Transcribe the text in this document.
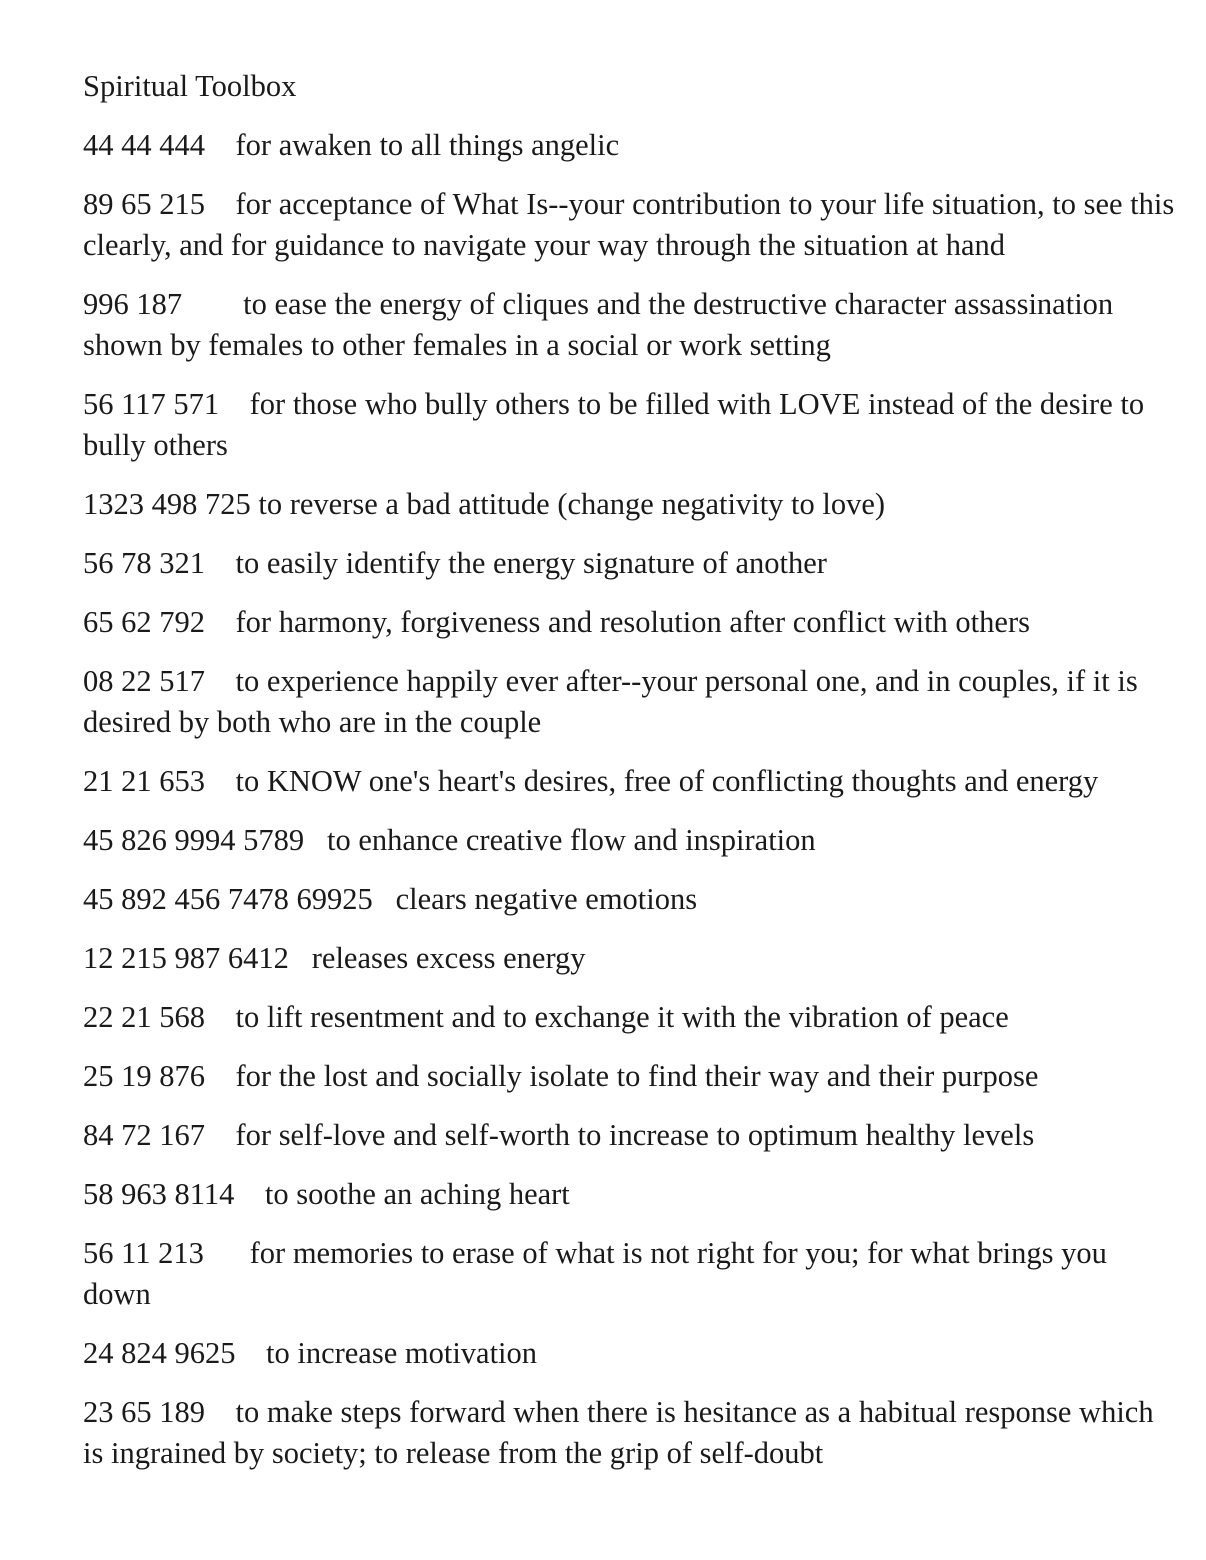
Spiritual Toolbox

44 44 444 for awaken to all things angelic

89 65 215 for acceptance of What Is--your contribution to your life situation, to see this clearly, and for guidance to navigate your way through the situation at hand

996 187 to ease the energy of cliques and the destructive character assassination shown by females to other females in a social or work setting

56 117 571 for those who bully others to be filled with LOVE instead of the desire to bully others

1323 498 725 to reverse a bad attitude (change negativity to love)

56 78 321 to easily identify the energy signature of another

65 62 792 for harmony, forgiveness and resolution after conflict with others

08 22 517 to experience happily ever after--your personal one, and in couples, if it is desired by both who are in the couple

21 21 653 to KNOW one's heart's desires, free of conflicting thoughts and energy

45 826 9994 5789 to enhance creative flow and inspiration

45 892 456 7478 69925 clears negative emotions

12 215 987 6412 releases excess energy

22 21 568 to lift resentment and to exchange it with the vibration of peace

25 19 876 for the lost and socially isolate to find their way and their purpose

84 72 167 for self-love and self-worth to increase to optimum healthy levels

58 963 8114 to soothe an aching heart

56 11 213 for memories to erase of what is not right for you; for what brings you down

24 824 9625 to increase motivation

23 65 189 to make steps forward when there is hesitance as a habitual response which is ingrained by society; to release from the grip of self-doubt
